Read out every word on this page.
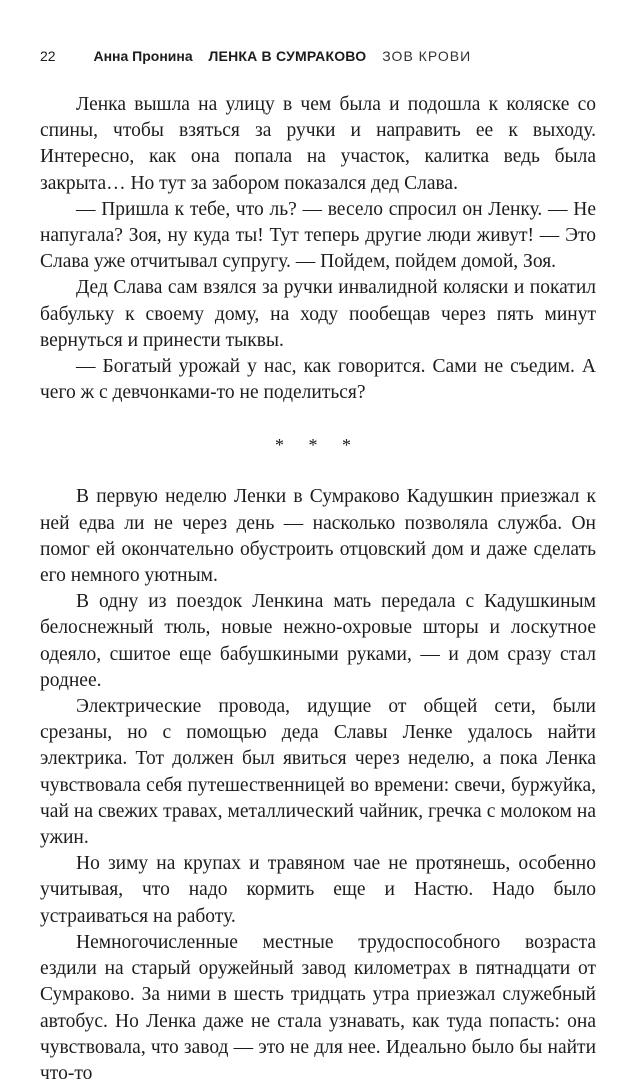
22	Анна Пронина ЛЕНКА В СУМРАКОВО ЗОВ КРОВИ

Ленка вышла на улицу в чем была и подошла к коляске со спины, чтобы взяться за ручки и направить ее к выходу. Интересно, как она попала на участок, калитка ведь была закрыта… Но тут за забором показался дед Слава.

— Пришла к тебе, что ль? — весело спросил он Ленку. — Не напугала? Зоя, ну куда ты! Тут теперь другие люди живут! — Это Слава уже отчитывал супругу. — Пойдем, пойдем домой, Зоя.

Дед Слава сам взялся за ручки инвалидной коляски и покатил бабульку к своему дому, на ходу пообещав через пять минут вернуться и принести тыквы.

— Богатый урожай у нас, как говорится. Сами не съедим. А чего ж с девчонками-то не поделиться?

* * *

В первую неделю Ленки в Сумраково Кадушкин приезжал к ней едва ли не через день — насколько позволяла служба. Он помог ей окончательно обустроить отцовский дом и даже сделать его немного уютным.

В одну из поездок Ленкина мать передала с Кадушкиным белоснежный тюль, новые нежно-охровые шторы и лоскутное одеяло, сшитое еще бабушкиными руками, — и дом сразу стал роднее.

Электрические провода, идущие от общей сети, были срезаны, но с помощью деда Славы Ленке удалось найти электрика. Тот должен был явиться через неделю, а пока Ленка чувствовала себя путешественницей во времени: свечи, буржуйка, чай на свежих травах, металлический чайник, гречка с молоком на ужин.

Но зиму на крупах и травяном чае не протянешь, особенно учитывая, что надо кормить еще и Настю. Надо было устраиваться на работу.

Немногочисленные местные трудоспособного возраста ездили на старый оружейный завод километрах в пятнадцати от Сумраково. За ними в шесть тридцать утра приезжал служебный автобус. Но Ленка даже не стала узнавать, как туда попасть: она чувствовала, что завод — это не для нее. Идеально было бы найти что-то
